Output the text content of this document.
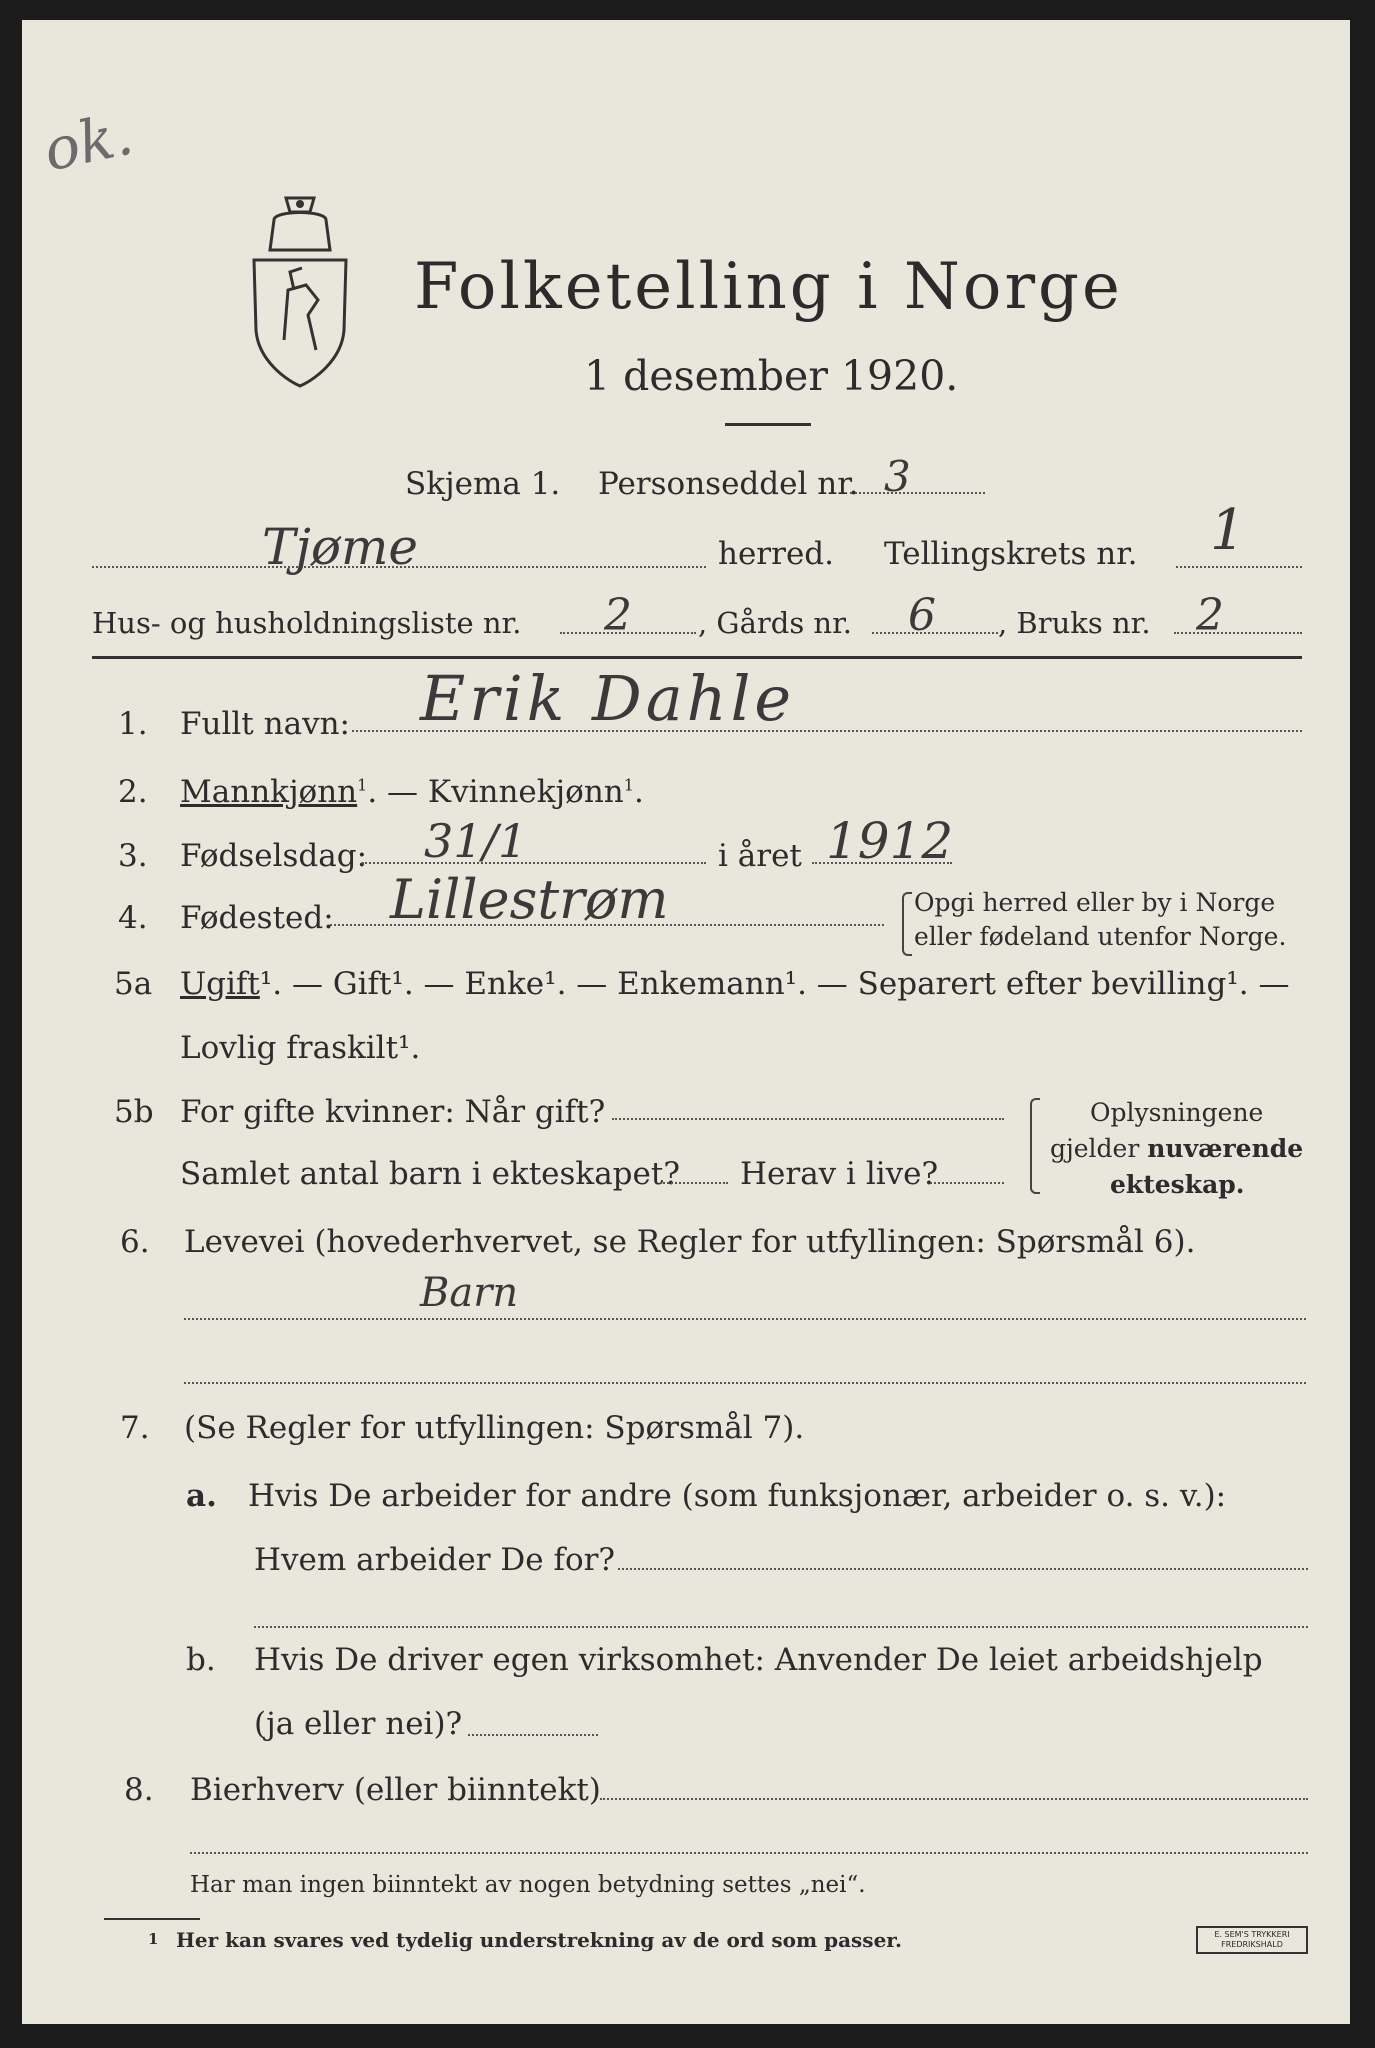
ok.
Folketelling i Norge
1 desember 1920.
Skjema 1. Personseddel nr. 3
Tjøme	herred. Tellingskrets nr. 1
Hus- og husholdningsliste nr. 2 , Gårds nr. 6 , Bruks nr. 2
1. Fullt navn: Erik Dahle
2. Mannkjønn$^1$. — Kvinnekjønn$^1$.
3. Fødselsdag: 31/1	i året 1912
4. Fødested: Lillestrøm	Opgi herred eller by i Norge
eller fødeland utenfor Norge.
5a Ugift¹. — Gift¹. — Enke¹. — Enkemann¹. — Separert efter bevilling¹. —
Lovlig fraskilt¹.
5b For gifte kvinner: Når gift?
Samlet antal barn i ekteskapet? Herav i live?
Oplysningene
gjelder nuværende
ekteskap.
6. Levevei (hovederhvervet, se Regler for utfyllingen: Spørsmål 6).
Barn
7. (Se Regler for utfyllingen: Spørsmål 7).
a. Hvis De arbeider for andre (som funksjonær, arbeider o. s. v.):
Hvem arbeider De for?
b. Hvis De driver egen virksomhet: Anvender De leiet arbeidshjelp
(ja eller nei)?
8. Bierhverv (eller biinntekt)
Har man ingen biinntekt av nogen betydning settes „nei“.
1 Her kan svares ved tydelig understrekning av de ord som passer.	E. SEM'S TRYKKERI
FREDRIKSHALD
